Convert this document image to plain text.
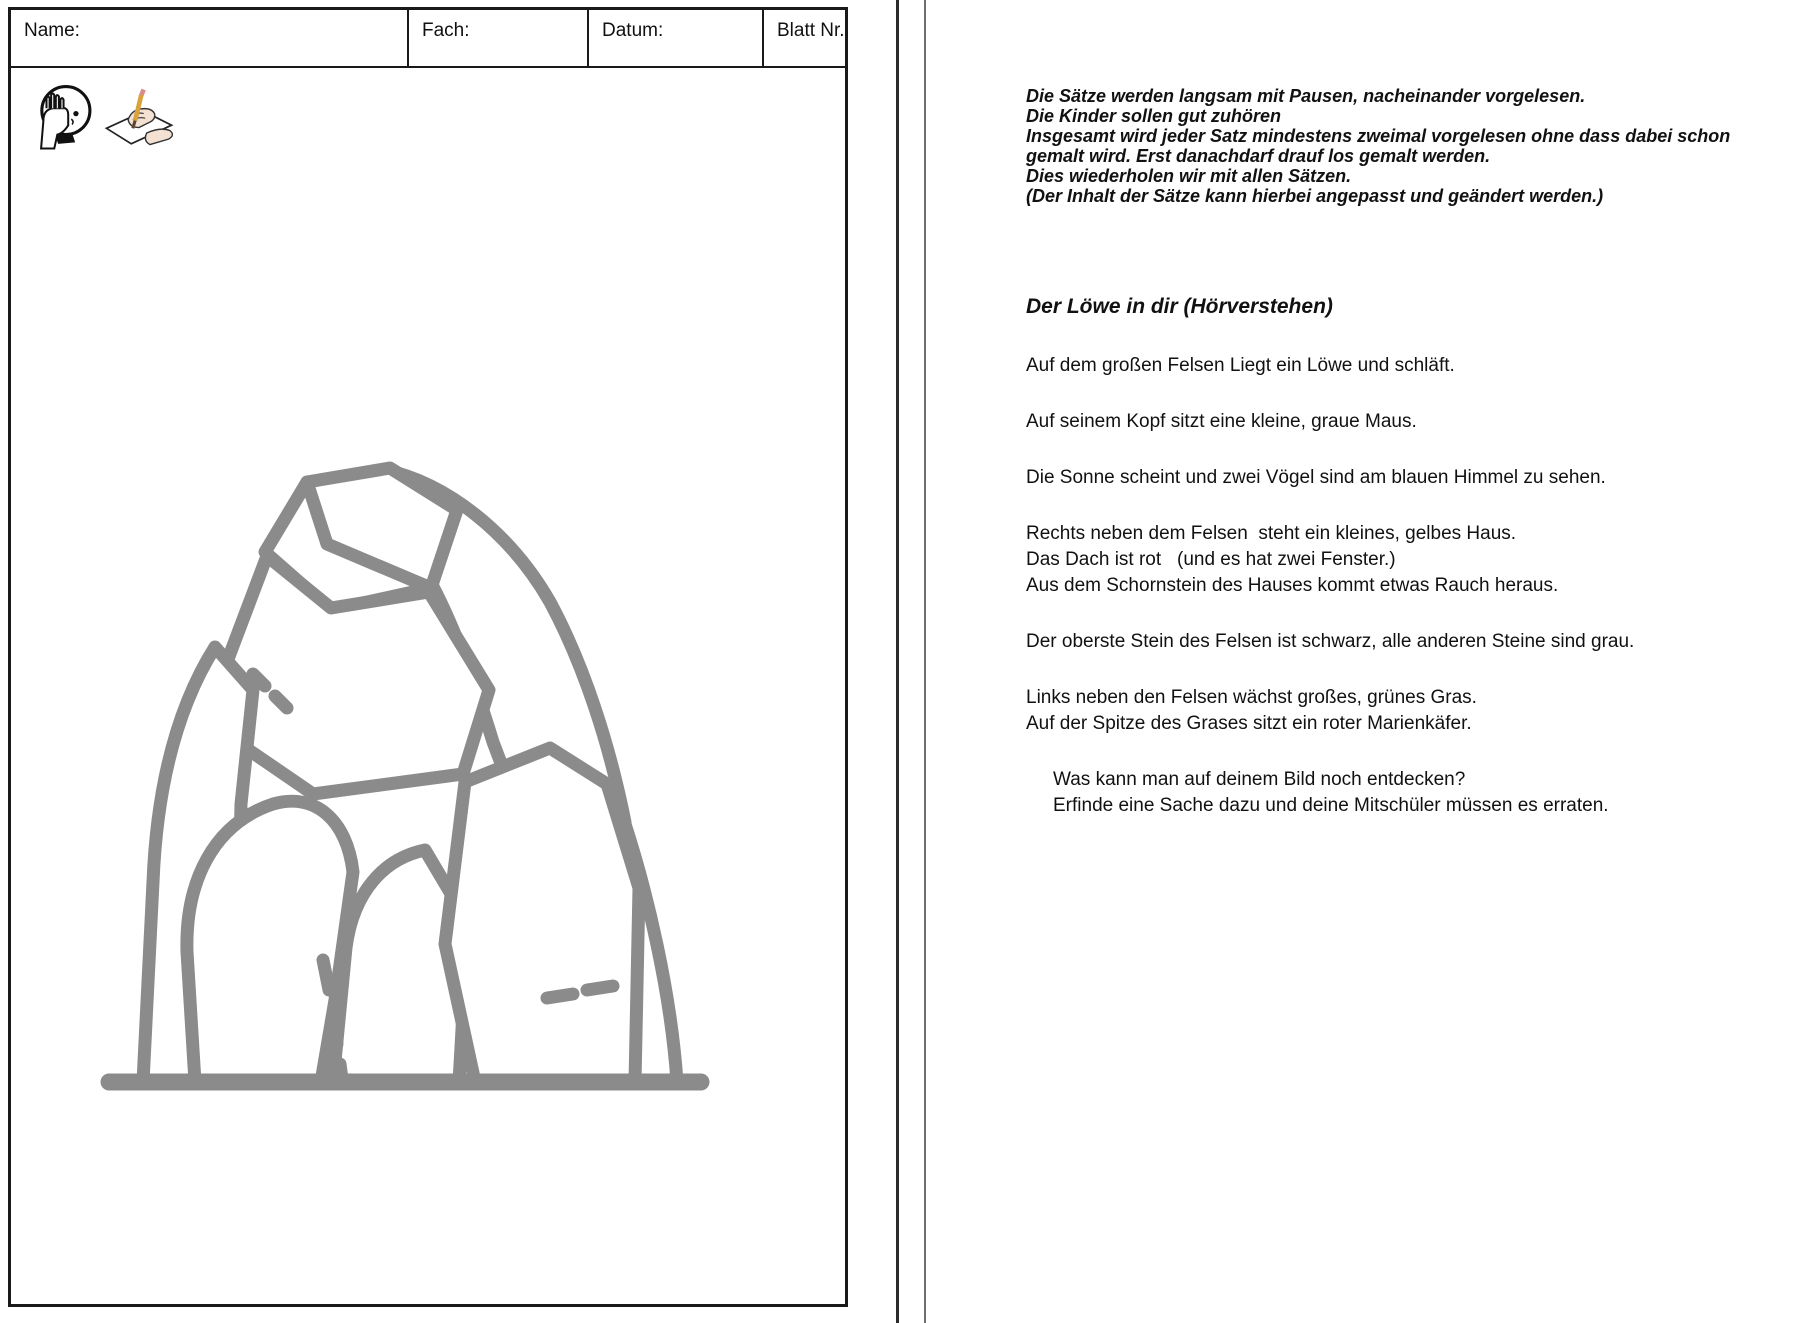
Name:	Fach:	Datum:	Blatt Nr.
Die Sätze werden langsam mit Pausen, nacheinander vorgelesen.
Die Kinder sollen gut zuhören
Insgesamt wird jeder Satz mindestens zweimal vorgelesen ohne dass dabei schon
gemalt wird. Erst danachdarf drauf los gemalt werden.
Dies wiederholen wir mit allen Sätzen.
(Der Inhalt der Sätze kann hierbei angepasst und geändert werden.)
Der Löwe in dir (Hörverstehen)
Auf dem großen Felsen Liegt ein Löwe und schläft.
Auf seinem Kopf sitzt eine kleine, graue Maus.
Die Sonne scheint und zwei Vögel sind am blauen Himmel zu sehen.
Rechts neben dem Felsen  steht ein kleines, gelbes Haus.
Das Dach ist rot   (und es hat zwei Fenster.)
Aus dem Schornstein des Hauses kommt etwas Rauch heraus.
Der oberste Stein des Felsen ist schwarz, alle anderen Steine sind grau.
Links neben den Felsen wächst großes, grünes Gras.
Auf der Spitze des Grases sitzt ein roter Marienkäfer.
Was kann man auf deinem Bild noch entdecken?
Erfinde eine Sache dazu und deine Mitschüler müssen es erraten.
